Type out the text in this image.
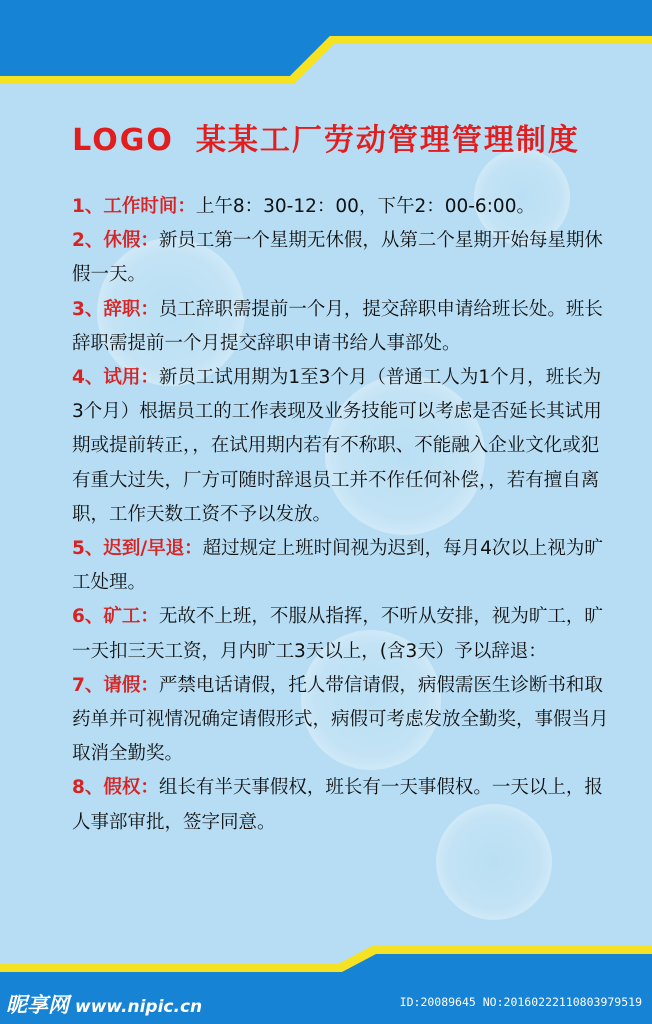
LOGO 某某工厂劳动管理管理制度

1、工作时间：上午8：30-12：00，下午2：00-6:00。

2、休假：新员工第一个星期无休假，从第二个星期开始每星期休假一天。

3、辞职：员工辞职需提前一个月，提交辞职申请给班长处。班长辞职需提前一个月提交辞职申请书给人事部处。

4、试用：新员工试用期为1至3个月（普通工人为1个月，班长为3个月）根据员工的工作表现及业务技能可以考虑是否延长其试用期或提前转正，，在试用期内若有不称职、不能融入企业文化或犯有重大过失，厂方可随时辞退员工并不作任何补偿，，若有擅自离职，工作天数工资不予以发放。

5、迟到/早退：超过规定上班时间视为迟到，每月4次以上视为旷工处理。

6、矿工：无故不上班，不服从指挥，不听从安排，视为旷工，旷一天扣三天工资，月内旷工3天以上，(含3天）予以辞退：

7、请假：严禁电话请假，托人带信请假，病假需医生诊断书和取药单并可视情况确定请假形式，病假可考虑发放全勤奖，事假当月取消全勤奖。

8、假权：组长有半天事假权，班长有一天事假权。一天以上，报人事部审批，签字同意。

昵享网 www.nipic.cn	ID:20089645 NO:20160222110803979519
